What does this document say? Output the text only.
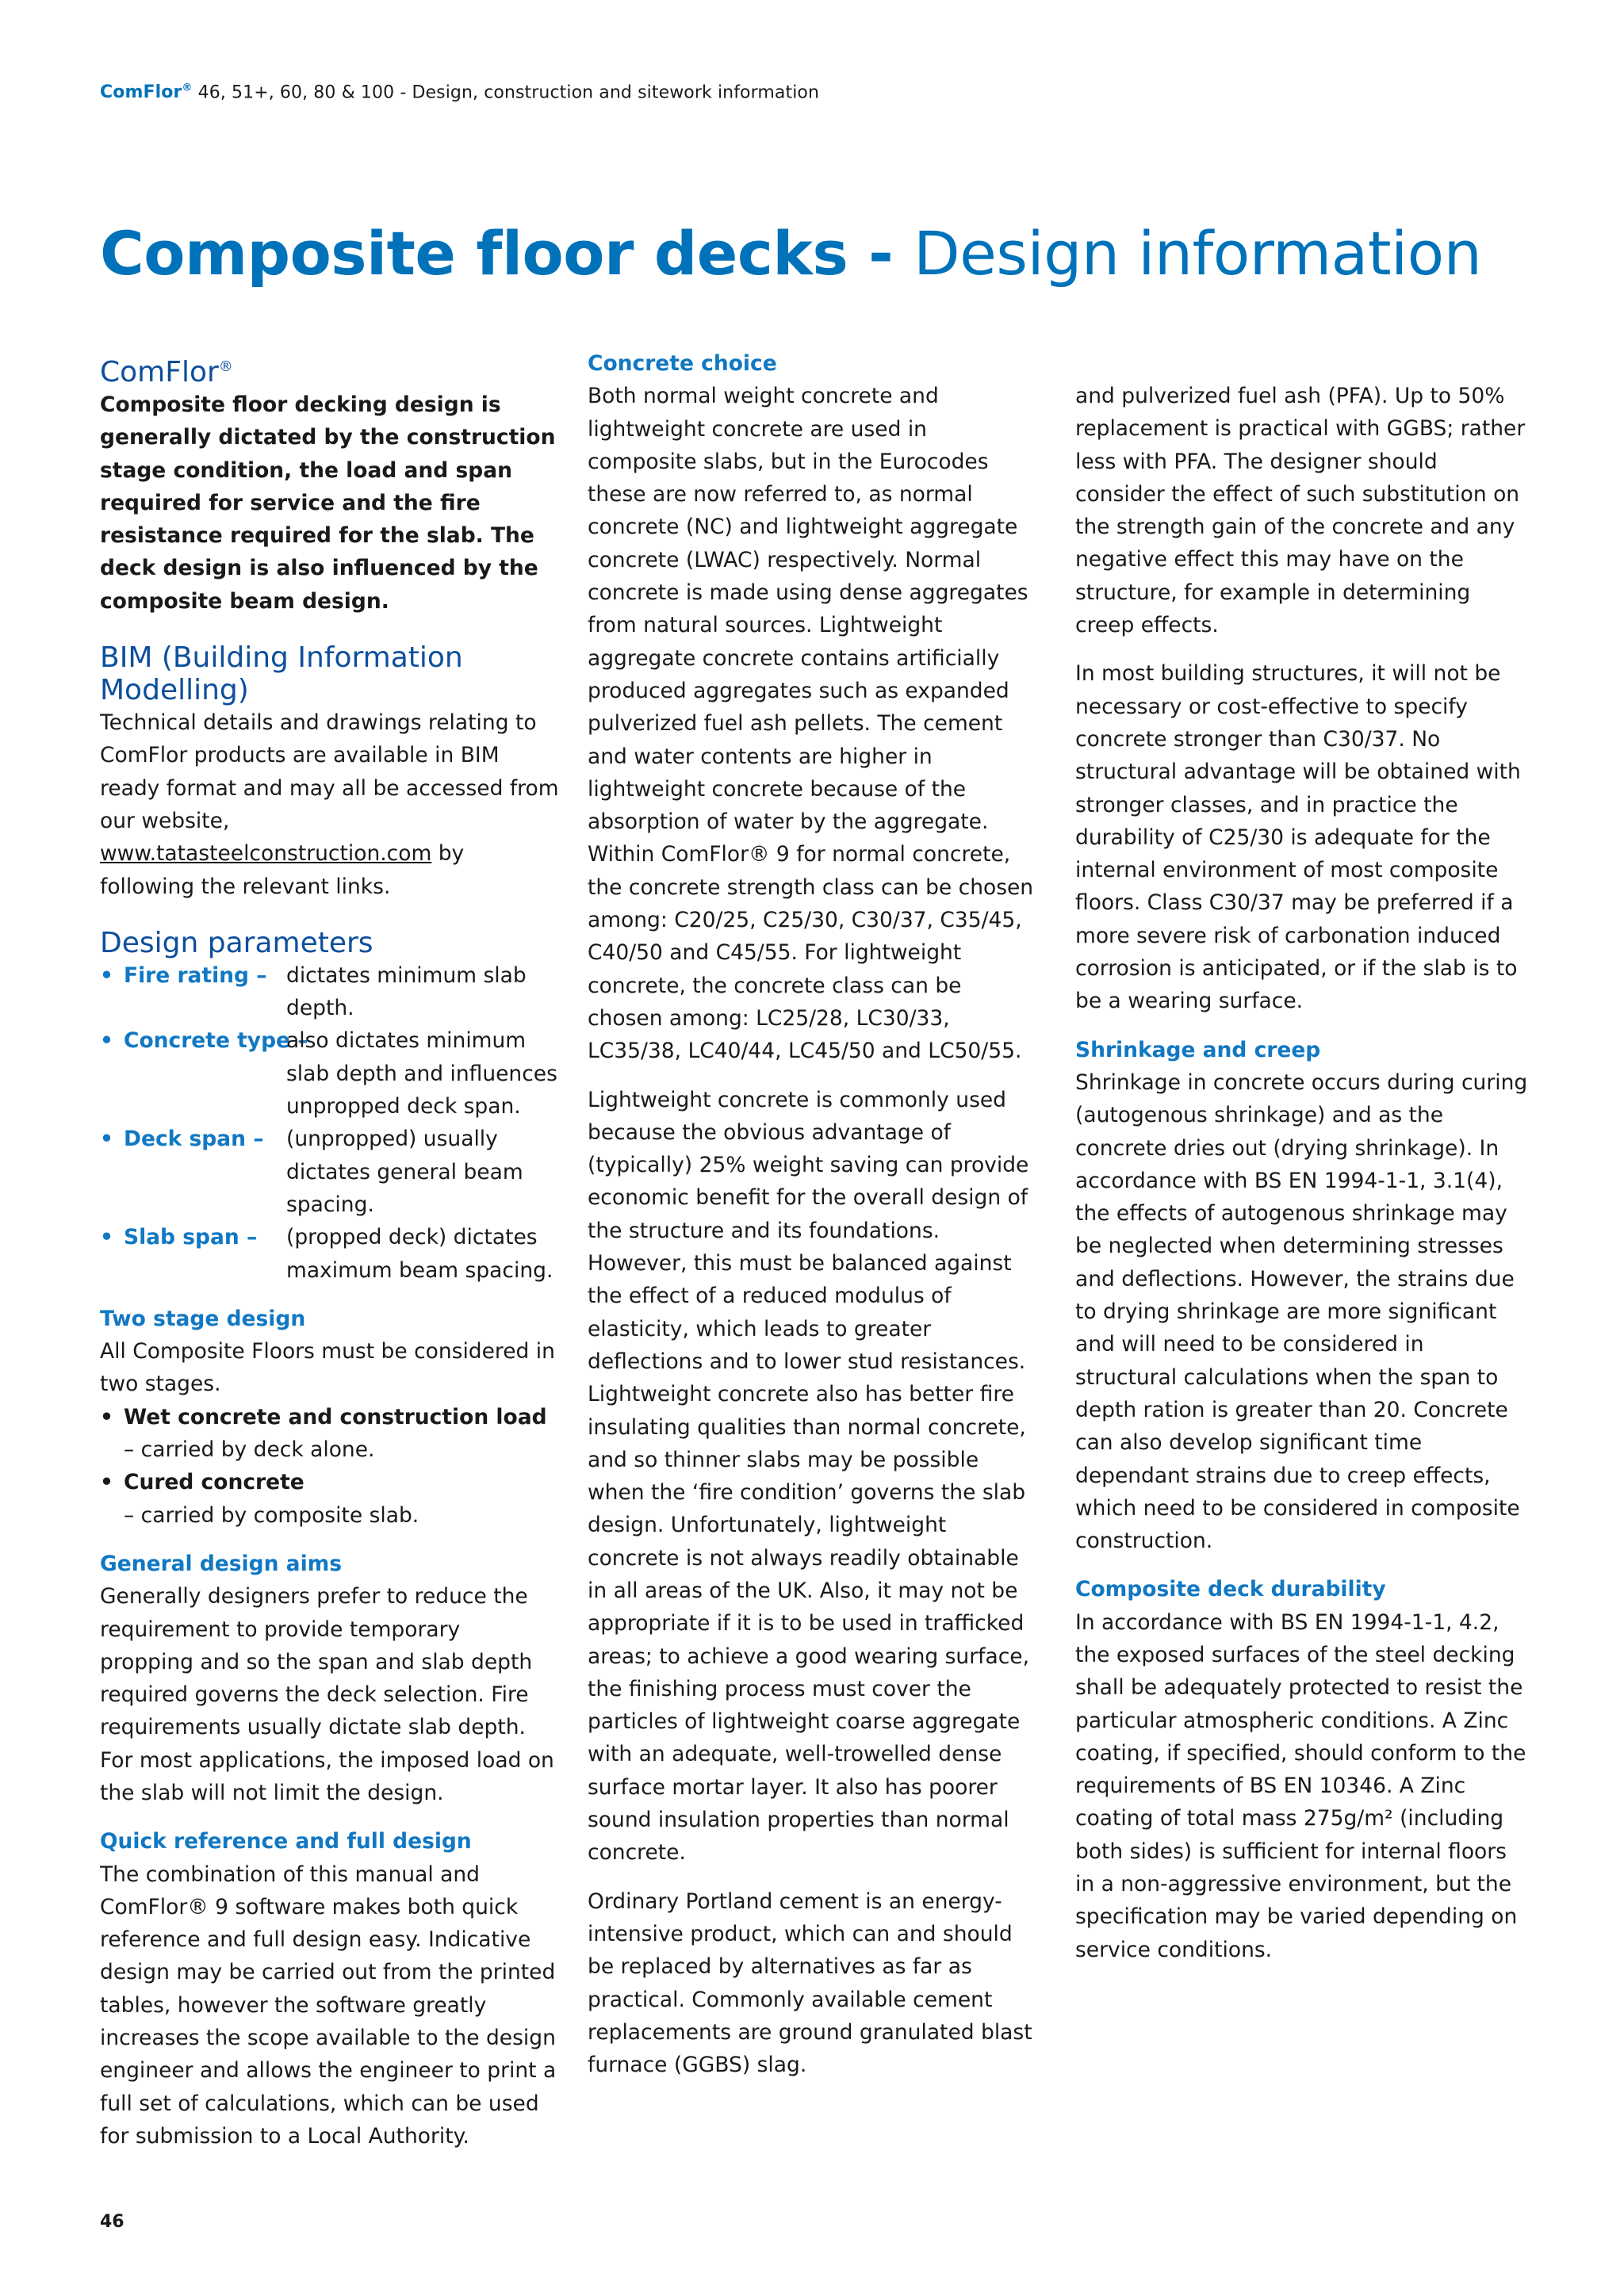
ComFlor® 46, 51+, 60, 80 & 100 - Design, construction and sitework information
Composite floor decks - Design information
ComFlor®

Composite floor decking design is generally dictated by the construction stage condition, the load and span required for service and the fire resistance required for the slab. The deck design is also influenced by the composite beam design.

BIM (Building Information Modelling)

Technical details and drawings relating to ComFlor products are available in BIM ready format and may all be accessed from our website, www.tatasteelconstruction.com by following the relevant links.

Design parameters
• Fire rating – dictates minimum slab depth.
• Concrete type –
also dictates minimum slab depth and influences unpropped deck span.
• Deck span –	(unpropped) usually dictates general beam spacing.
• Slab span –	(propped deck) dictates maximum beam spacing.
Two stage design

All Composite Floors must be considered in two stages.

• Wet concrete and construction load
– carried by deck alone.
• Cured concrete
– carried by composite slab.
General design aims

Generally designers prefer to reduce the requirement to provide temporary propping and so the span and slab depth required governs the deck selection. Fire requirements usually dictate slab depth. For most applications, the imposed load on the slab will not limit the design.

Quick reference and full design

The combination of this manual and ComFlor® 9 software makes both quick reference and full design easy. Indicative design may be carried out from the printed tables, however the software greatly increases the scope available to the design engineer and allows the engineer to print a full set of calculations, which can be used for submission to a Local Authority.

Concrete choice

Both normal weight concrete and lightweight concrete are used in composite slabs, but in the Eurocodes these are now referred to, as normal concrete (NC) and lightweight aggregate concrete (LWAC) respectively. Normal concrete is made using dense aggregates from natural sources. Lightweight aggregate concrete contains artificially produced aggregates such as expanded pulverized fuel ash pellets. The cement and water contents are higher in lightweight concrete because of the absorption of water by the aggregate. Within ComFlor® 9 for normal concrete, the concrete strength class can be chosen among: C20/25, C25/30, C30/37, C35/45, C40/50 and C45/55. For lightweight concrete, the concrete class can be chosen among: LC25/28, LC30/33, LC35/38, LC40/44, LC45/50 and LC50/55.

Lightweight concrete is commonly used because the obvious advantage of (typically) 25% weight saving can provide economic benefit for the overall design of the structure and its foundations. However, this must be balanced against the effect of a reduced modulus of elasticity, which leads to greater deflections and to lower stud resistances. Lightweight concrete also has better fire insulating qualities than normal concrete, and so thinner slabs may be possible when the ‘fire condition’ governs the slab design. Unfortunately, lightweight concrete is not always readily obtainable in all areas of the UK. Also, it may not be appropriate if it is to be used in trafficked areas; to achieve a good wearing surface, the finishing process must cover the particles of lightweight coarse aggregate with an adequate, well-trowelled dense surface mortar layer. It also has poorer sound insulation properties than normal concrete.

Ordinary Portland cement is an energy-intensive product, which can and should be replaced by alternatives as far as practical. Commonly available cement replacements are ground granulated blast furnace (GGBS) slag.

and pulverized fuel ash (PFA). Up to 50% replacement is practical with GGBS; rather less with PFA. The designer should consider the effect of such substitution on the strength gain of the concrete and any negative effect this may have on the structure, for example in determining creep effects.

In most building structures, it will not be necessary or cost-effective to specify concrete stronger than C30/37. No structural advantage will be obtained with stronger classes, and in practice the durability of C25/30 is adequate for the internal environment of most composite floors. Class C30/37 may be preferred if a more severe risk of carbonation induced corrosion is anticipated, or if the slab is to be a wearing surface.

Shrinkage and creep

Shrinkage in concrete occurs during curing (autogenous shrinkage) and as the concrete dries out (drying shrinkage). In accordance with BS EN 1994-1-1, 3.1(4), the effects of autogenous shrinkage may be neglected when determining stresses and deflections. However, the strains due to drying shrinkage are more significant and will need to be considered in structural calculations when the span to depth ration is greater than 20. Concrete can also develop significant time dependant strains due to creep effects, which need to be considered in composite construction.

Composite deck durability

In accordance with BS EN 1994-1-1, 4.2, the exposed surfaces of the steel decking shall be adequately protected to resist the particular atmospheric conditions. A Zinc coating, if specified, should conform to the requirements of BS EN 10346. A Zinc coating of total mass 275g/m² (including both sides) is sufficient for internal floors in a non-aggressive environment, but the specification may be varied depending on service conditions.

46
